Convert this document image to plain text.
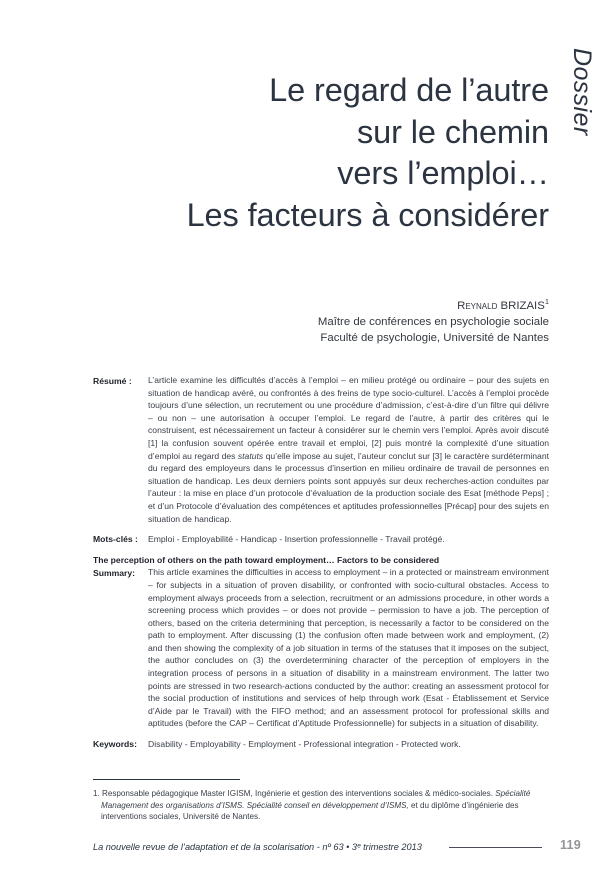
Dossier
Le regard de l’autre
sur le chemin
vers l’emploi…
Les facteurs à considérer
Reynald BRIZAIS$^1$
Maître de conférences en psychologie sociale
Faculté de psychologie, Université de Nantes
Résumé :	L’article examine les difficultés d’accès à l’emploi – en milieu protégé ou ordinaire – pour des sujets en situation de handicap avéré, ou confrontés à des freins de type socio-culturel. L’accès à l’emploi procède toujours d’une sélection, un recrutement ou une procédure d’admission, c’est-à-dire d’un filtre qui délivre – ou non – une autorisation à occuper l’emploi. Le regard de l’autre, à partir des critères qui le construisent, est nécessairement un facteur à considérer sur le chemin vers l’emploi. Après avoir discuté [1] la confusion souvent opérée entre travail et emploi, [2] puis montré la complexité d’une situation d’emploi au regard des statuts qu’elle impose au sujet, l’auteur conclut sur [3] le caractère surdéterminant du regard des employeurs dans le processus d’insertion en milieu ordinaire de travail de personnes en situation de handicap. Les deux derniers points sont appuyés sur deux recherches-action conduites par l’auteur : la mise en place d’un protocole d’évaluation de la production sociale des Esat [méthode Peps] ; et d’un Protocole d’évaluation des compétences et aptitudes professionnelles [Précap] pour des sujets en situation de handicap.
Mots-clés :	Emploi - Employabilité - Handicap - Insertion professionnelle - Travail protégé.
The perception of others on the path toward employment… Factors to be considered
Summary:	This article examines the difficulties in access to employment – in a protected or mainstream environment – for subjects in a situation of proven disability, or confronted with socio-cultural obstacles. Access to employment always proceeds from a selection, recruitment or an admissions procedure, in other words a screening process which provides – or does not provide – permission to have a job. The perception of others, based on the criteria determining that perception, is necessarily a factor to be considered on the path to employment. After discussing (1) the confusion often made between work and employment, (2) and then showing the complexity of a job situation in terms of the statuses that it imposes on the subject, the author concludes on (3) the overdetermining character of the perception of employers in the integration process of persons in a situation of disability in a mainstream environment. The latter two points are stressed in two research-actions conducted by the author: creating an assessment protocol for the social production of institutions and services of help through work (Esat - Établissement et Service d’Aide par le Travail) with the FIFO method; and an assessment protocol for professional skills and aptitudes (before the CAP – Certificat d’Aptitude Professionnelle) for subjects in a situation of disability.
Keywords:	Disability - Employability - Employment - Professional integration - Protected work.
1. Responsable pédagogique Master IGISM, Ingénierie et gestion des interventions sociales & médico-sociales. Spécialité Management des organisations d’ISMS. Spécialité conseil en développement d’ISMS, et du diplôme d’ingénierie des interventions sociales, Université de Nantes.
La nouvelle revue de l’adaptation et de la scolarisation - nº 63 • 3ᵉ trimestre 2013	119
